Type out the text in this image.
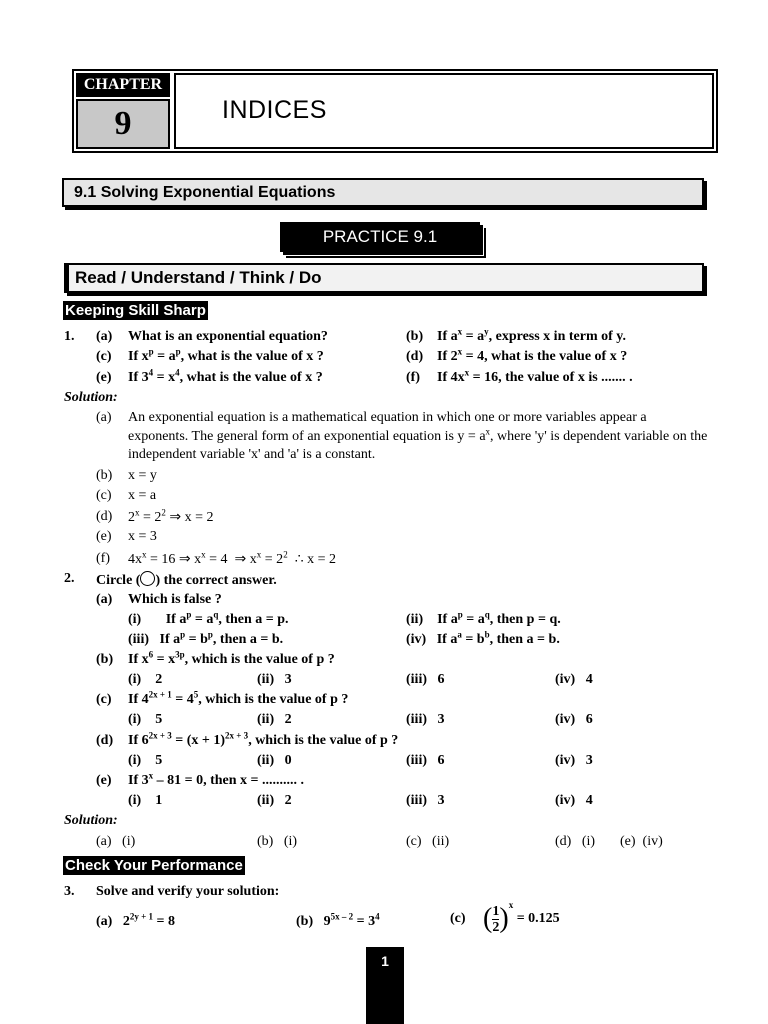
CHAPTER
9	INDICES
9.1 Solving Exponential Equations
PRACTICE 9.1
Read / Understand / Think / Do
Keeping Skill Sharp
1. (a) What is an exponential equation?	(b) If $a^x = a^y$, express x in term of y.
(c) If $x^p = a^p$, what is the value of x ?	(d) If $2^x = 4$, what is the value of x ?
(e) If $3^4 = x^4$, what is the value of x ?	(f) If $4x^x = 16$, the value of x is ....... .
Solution:
(a) An exponential equation is a mathematical equation in which one or more variables appear a exponents. The general form of an exponential equation is $y = a^x$, where 'y' is dependent variable on the independent variable 'x' and 'a' is a constant.
(b) x = y
(c) x = a
(d) $2^x = 2^2$ ⇒ x = 2
(e) x = 3
(f) $4x^x = 16$ ⇒ $x^x = 4$  ⇒ $x^x = 2^2$  ∴ x = 2
2. Circle ( ) the correct answer.
(a) Which is false ?
(i)       If $a^p = a^q$, then a = p.	(ii)    If $a^p = a^q$, then p = q.
(iii)   If $a^p = b^p$, then a = b.	(iv)   If $a^a = b^b$, then a = b.
(b) If $x^6 = x^{3p}$, which is the value of p ?
(i)    2	(ii)   3	(iii)   6	(iv)   4
(c) If $4^{2x + 1} = 4^5$, which is the value of p ?
(i)    5	(ii)   2	(iii)   3	(iv)   6
(d) If $6^{2x + 3} = (x + 1)^{2x + 3}$, which is the value of p ?
(i)    5	(ii)   0	(iii)   6	(iv)   3
(e) If 3$^x$ – 81 = 0, then x = .......... .
(i)    1	(ii)   2	(iii)   3	(iv)   4
Solution:
(a)   (i)	(b)   (i)	(c)   (ii)	(d)   (i) (e)  (iv)
Check Your Performance
3. Solve and verify your solution:
(a)   $2^{2y + 1} = 8$	(b)   $9^{5x - 2} = 3^4$	(c)     ( $\frac{1}{2} )^x = 0.125$
1
